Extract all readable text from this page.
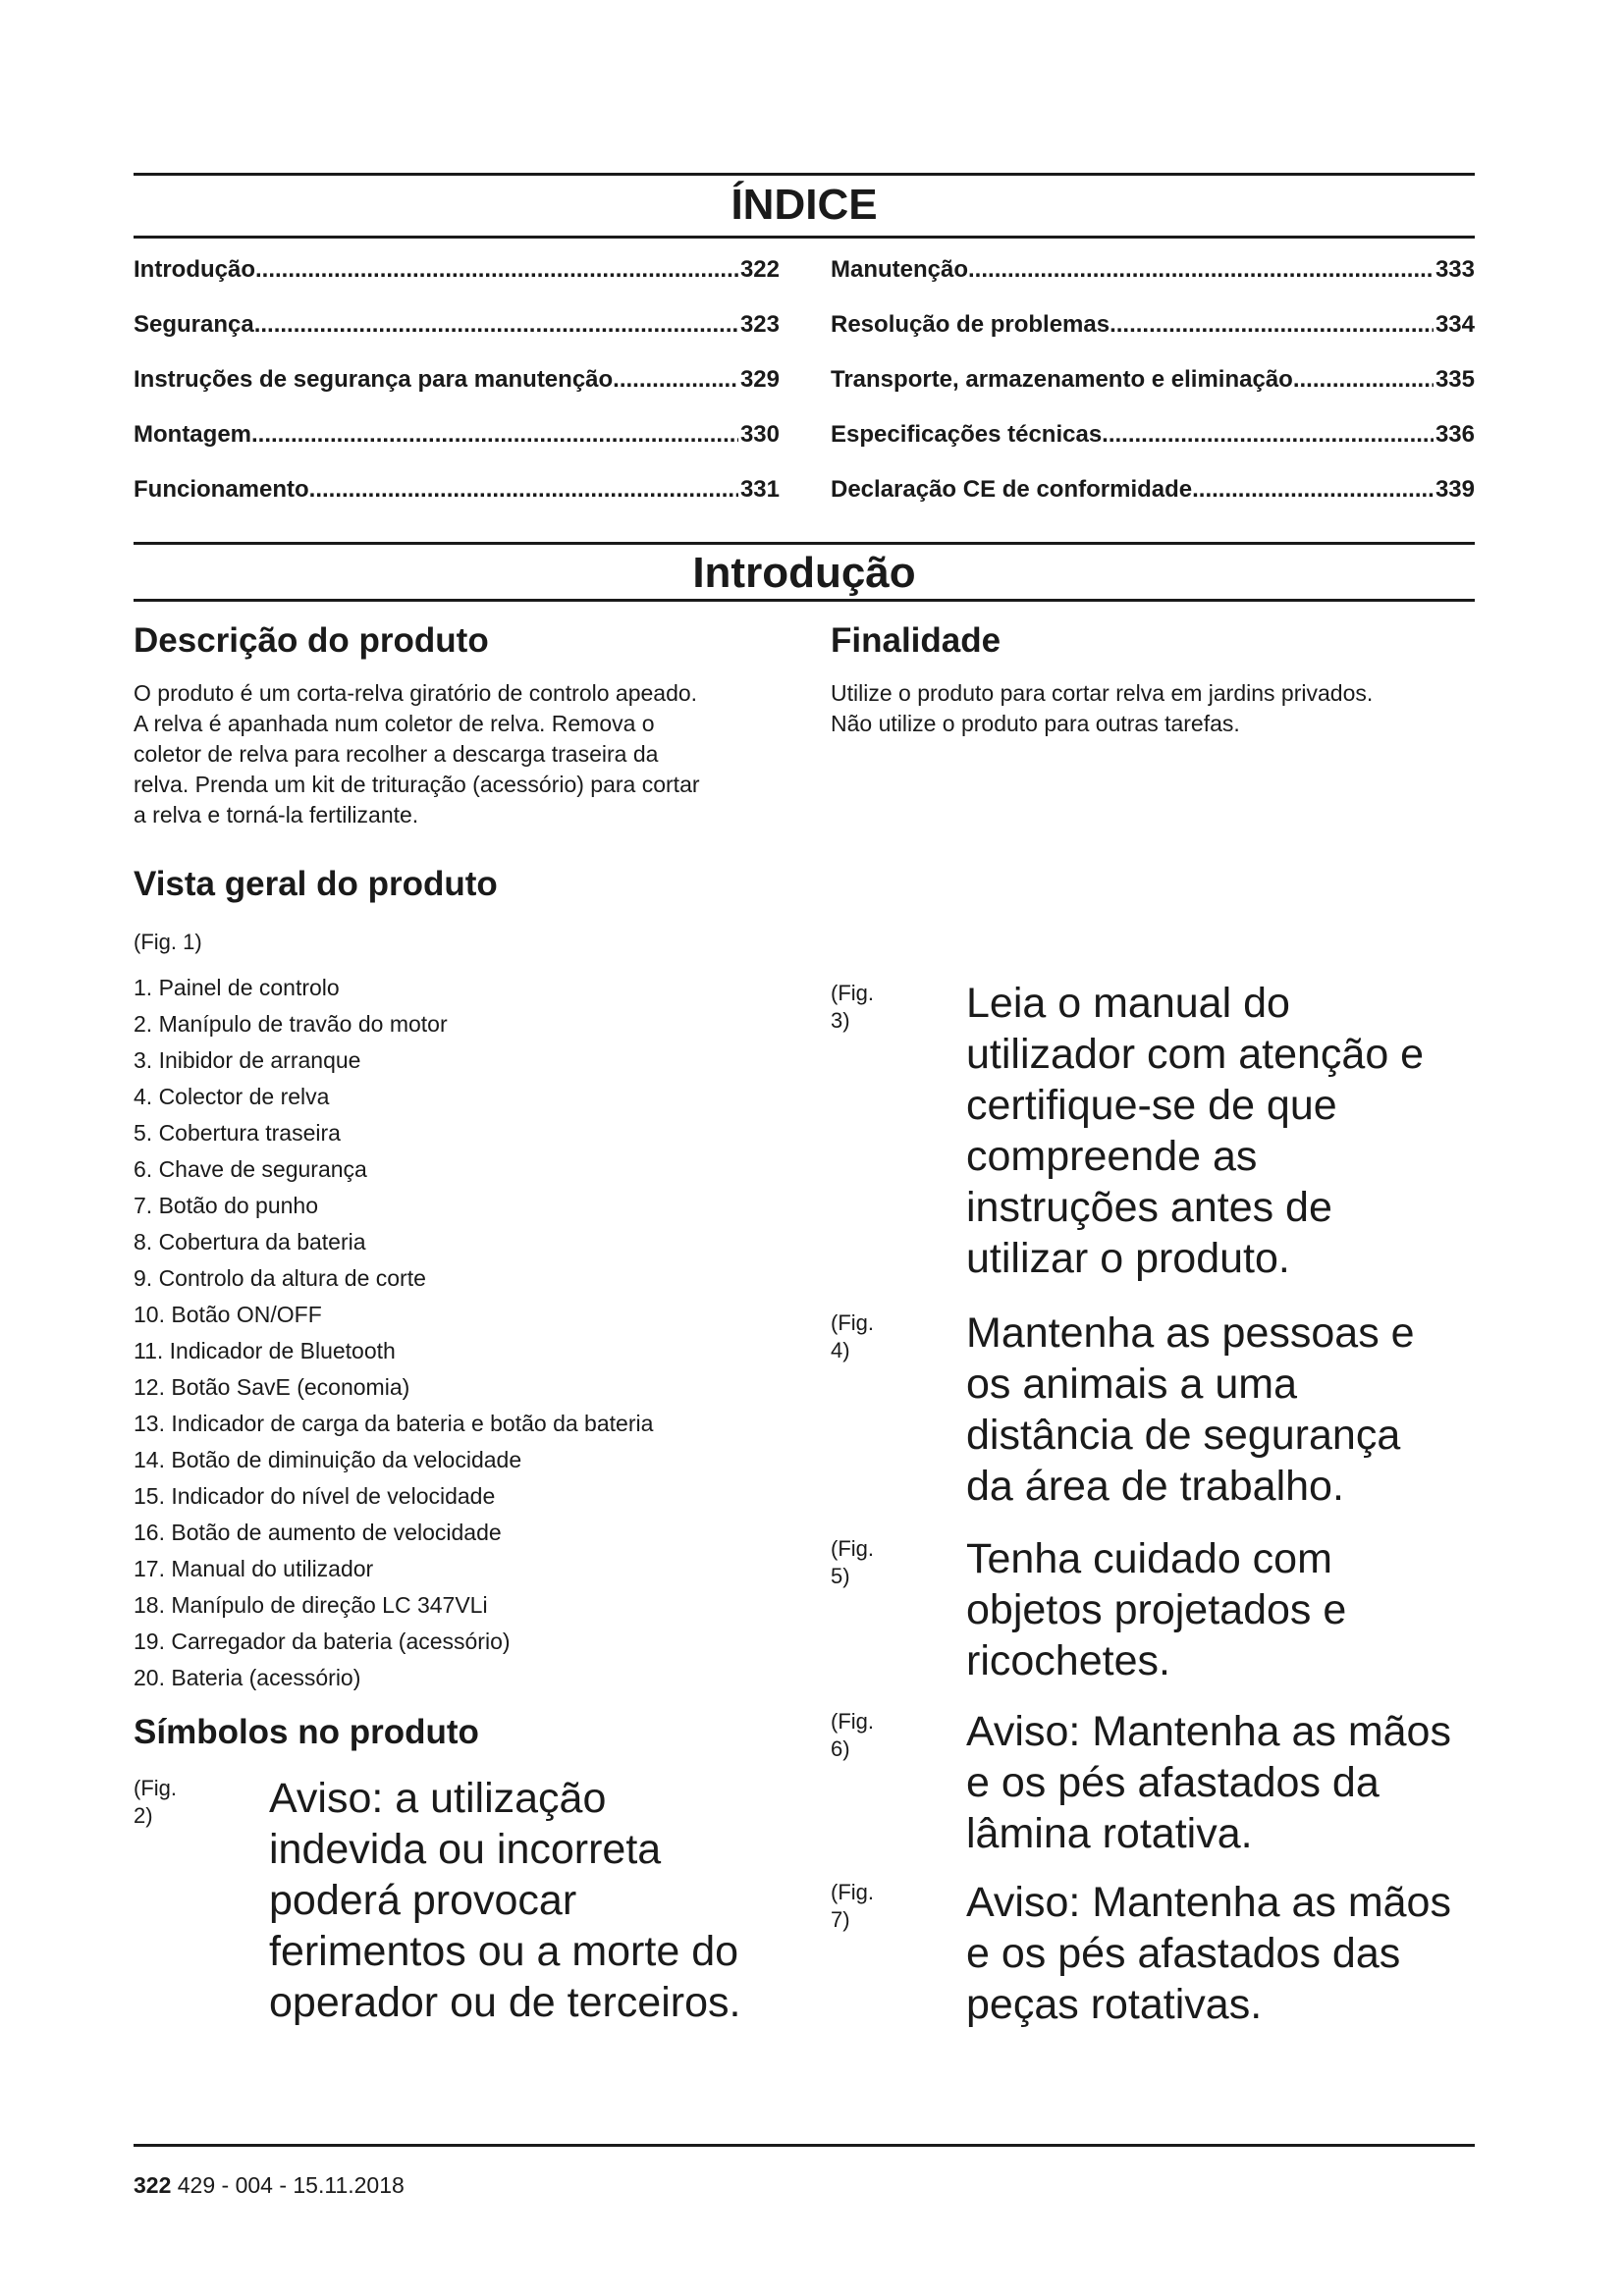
ÍNDICE
Introdução .....	322
Segurança .....	323
Instruções de segurança para manutenção .....	329
Montagem .....	330
Funcionamento .....	331
Manutenção .....	333
Resolução de problemas .....	334
Transporte, armazenamento e eliminação .....	335
Especificações técnicas .....	336
Declaração CE de conformidade .....	339
Introdução
Descrição do produto
O produto é um corta-relva giratório de controlo apeado.
A relva é apanhada num coletor de relva. Remova o
coletor de relva para recolher a descarga traseira da
relva. Prenda um kit de trituração (acessório) para cortar
a relva e torná-la fertilizante.
Finalidade
Utilize o produto para cortar relva em jardins privados.
Não utilize o produto para outras tarefas.
Vista geral do produto
(Fig. 1)
1. Painel de controlo
2. Manípulo de travão do motor
3. Inibidor de arranque
4. Colector de relva
5. Cobertura traseira
6. Chave de segurança
7. Botão do punho
8. Cobertura da bateria
9. Controlo da altura de corte
10. Botão ON/OFF
11. Indicador de Bluetooth
12. Botão SavE (economia)
13. Indicador de carga da bateria e botão da bateria
14. Botão de diminuição da velocidade
15. Indicador do nível de velocidade
16. Botão de aumento de velocidade
17. Manual do utilizador
18. Manípulo de direção LC 347VLi
19. Carregador da bateria (acessório)
20. Bateria (acessório)
Símbolos no produto
(Fig. 2)	Aviso: a utilização
indevida ou incorreta
poderá provocar
ferimentos ou a morte do
operador ou de terceiros.
(Fig. 3)	Leia o manual do
utilizador com atenção e
certifique-se de que
compreende as
instruções antes de
utilizar o produto.
(Fig. 4)	Mantenha as pessoas e
os animais a uma
distância de segurança
da área de trabalho.
(Fig. 5)	Tenha cuidado com
objetos projetados e
ricochetes.
(Fig. 6)	Aviso: Mantenha as mãos
e os pés afastados da
lâmina rotativa.
(Fig. 7)	Aviso: Mantenha as mãos
e os pés afastados das
peças rotativas.
322 429 - 004 - 15.11.2018
